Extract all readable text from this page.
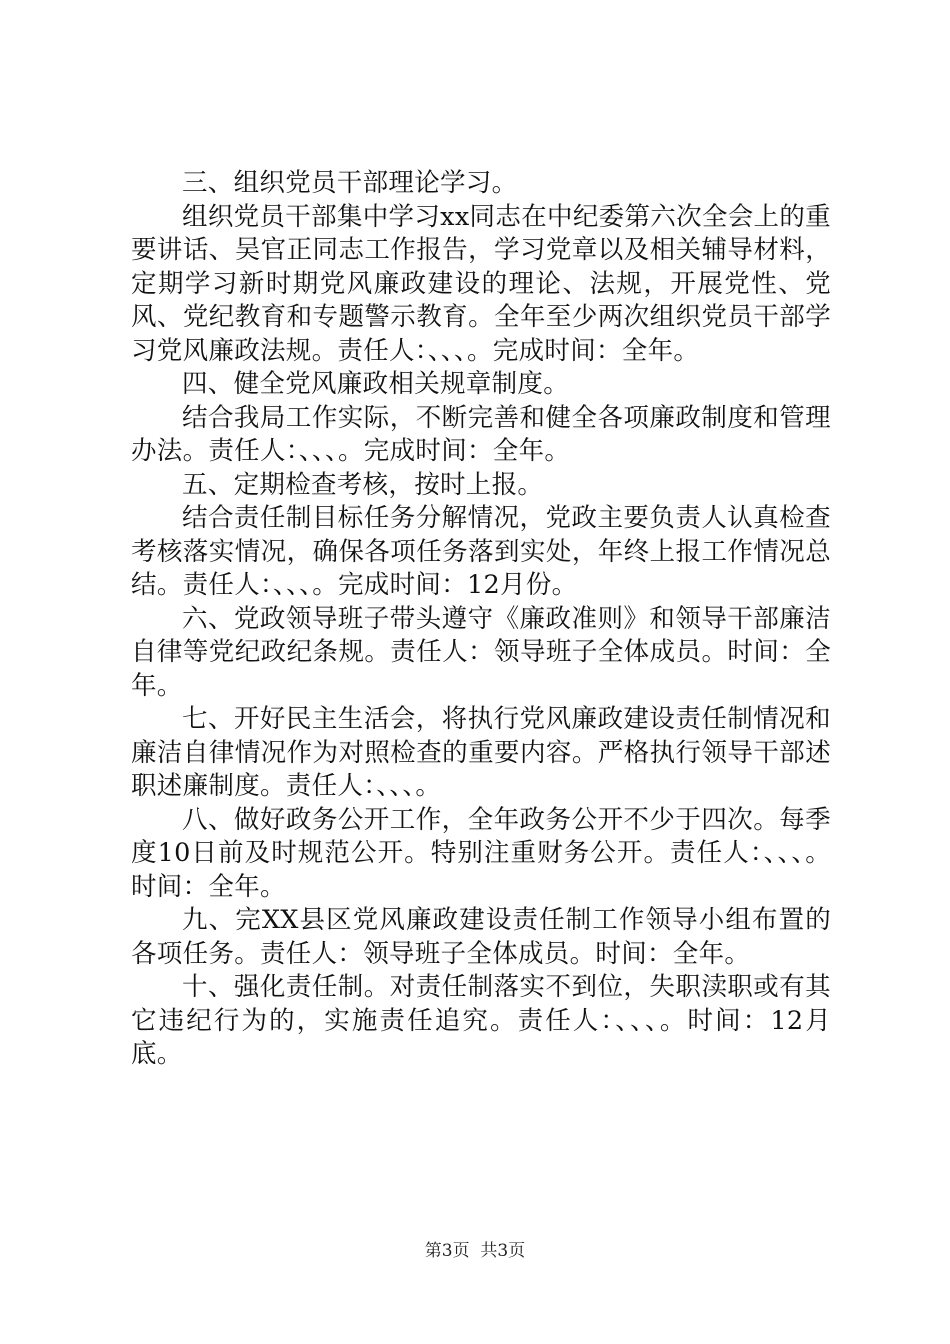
三、组织党员干部理论学习。

组织党员干部集中学习xx同志在中纪委第六次全会上的重要讲话、吴官正同志工作报告，学习党章以及相关辅导材料，定期学习新时期党风廉政建设的理论、法规，开展党性、党风、党纪教育和专题警示教育。全年至少两次组织党员干部学习党风廉政法规。责任人：、、、。完成时间：全年。

四、健全党风廉政相关规章制度。

结合我局工作实际，不断完善和健全各项廉政制度和管理办法。责任人：、、、。完成时间：全年。

五、定期检查考核，按时上报。

结合责任制目标任务分解情况，党政主要负责人认真检查考核落实情况，确保各项任务落到实处，年终上报工作情况总结。责任人：、、、。完成时间：12月份。

六、党政领导班子带头遵守《廉政准则》和领导干部廉洁自律等党纪政纪条规。责任人：领导班子全体成员。时间：全年。

七、开好民主生活会，将执行党风廉政建设责任制情况和廉洁自律情况作为对照检查的重要内容。严格执行领导干部述职述廉制度。责任人：、、、。

八、做好政务公开工作，全年政务公开不少于四次。每季度10日前及时规范公开。特别注重财务公开。责任人：、、、。时间：全年。

九、完XX县区党风廉政建设责任制工作领导小组布置的各项任务。责任人：领导班子全体成员。时间：全年。

十、强化责任制。对责任制落实不到位，失职渎职或有其它违纪行为的，实施责任追究。责任人：、、、。时间：12月底。

第3页  共3页
